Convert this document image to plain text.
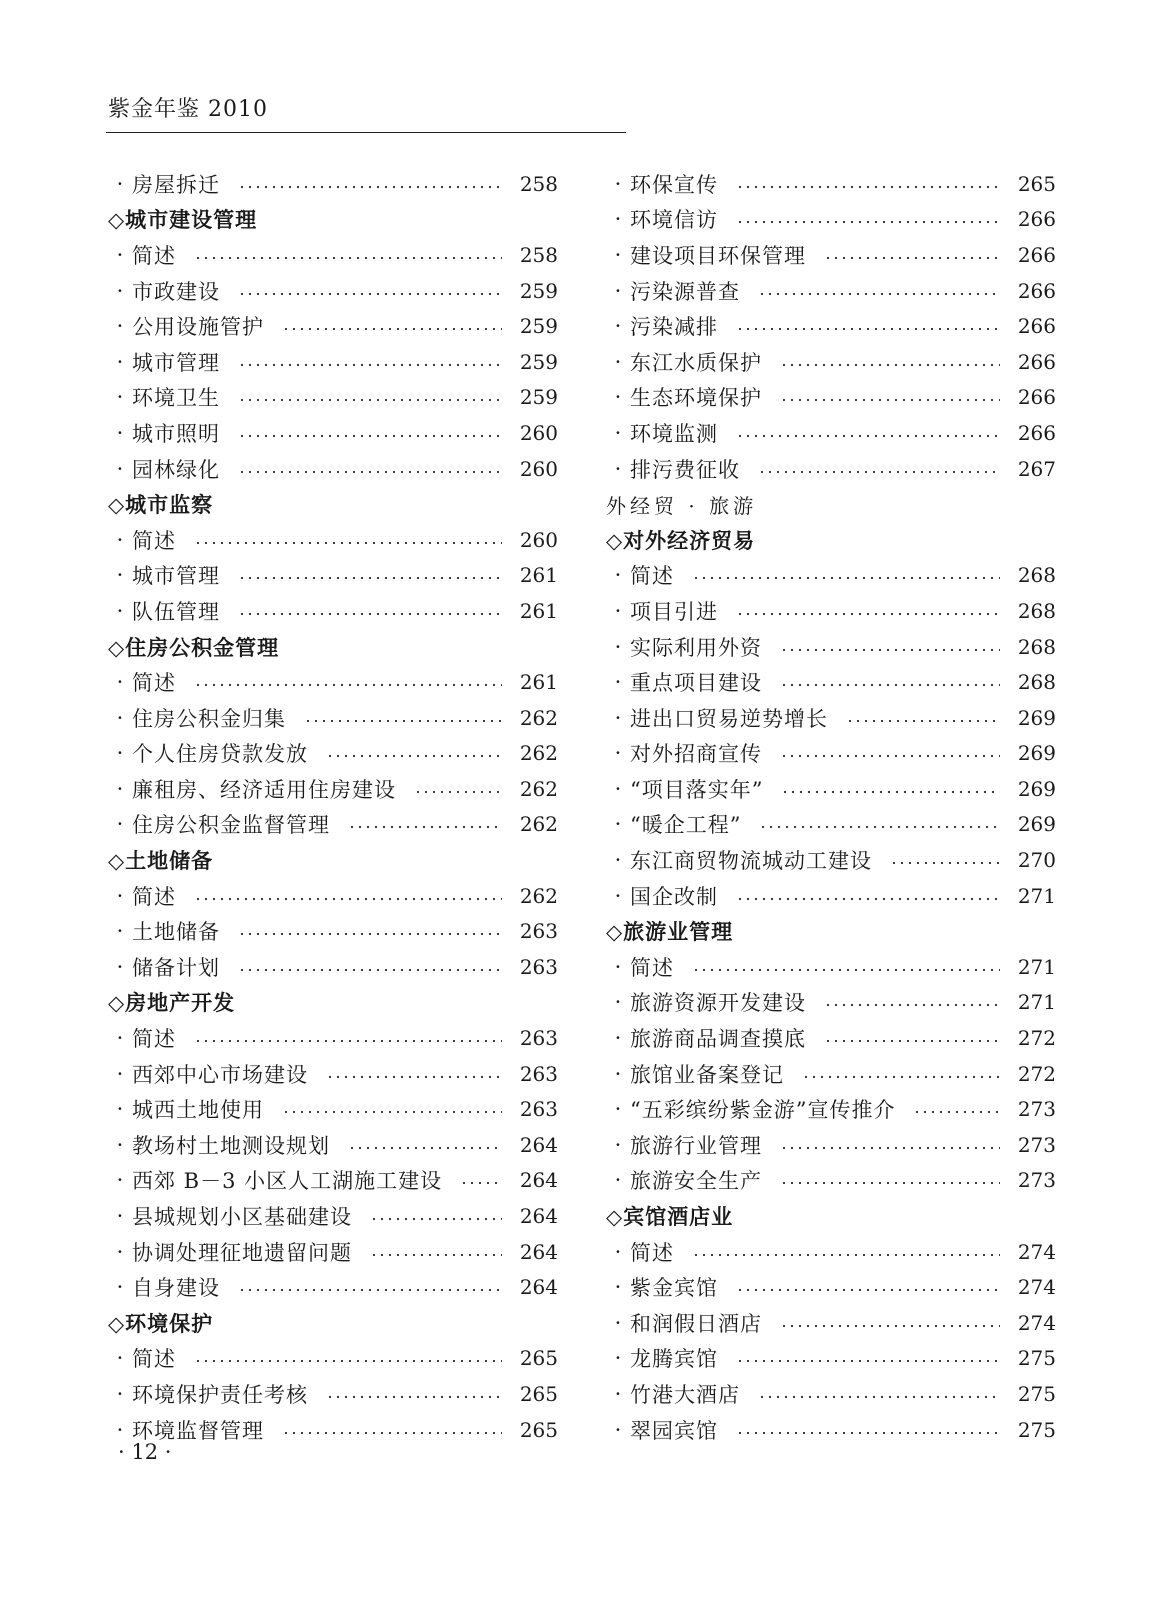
紫金年鉴 2010
· 房屋拆迁	258
◇城市建设管理
· 简述	258
· 市政建设	259
· 公用设施管护	259
· 城市管理	259
· 环境卫生	259
· 城市照明	260
· 园林绿化	260
◇城市监察
· 简述	260
· 城市管理	261
· 队伍管理	261
◇住房公积金管理
· 简述	261
· 住房公积金归集	262
· 个人住房贷款发放	262
· 廉租房、经济适用住房建设	262
· 住房公积金监督管理	262
◇土地储备
· 简述	262
· 土地储备	263
· 储备计划	263
◇房地产开发
· 简述	263
· 西郊中心市场建设	263
· 城西土地使用	263
· 教场村土地测设规划	264
· 西郊 B－3 小区人工湖施工建设	264
· 县城规划小区基础建设	264
· 协调处理征地遗留问题	264
· 自身建设	264
◇环境保护
· 简述	265
· 环境保护责任考核	265
· 环境监督管理	265
· 环保宣传	265
· 环境信访	266
· 建设项目环保管理	266
· 污染源普查	266
· 污染减排	266
· 东江水质保护	266
· 生态环境保护	266
· 环境监测	266
· 排污费征收	267
外经贸 · 旅游
◇对外经济贸易
· 简述	268
· 项目引进	268
· 实际利用外资	268
· 重点项目建设	268
· 进出口贸易逆势增长	269
· 对外招商宣传	269
· “项目落实年”	269
· “暖企工程”	269
· 东江商贸物流城动工建设	270
· 国企改制	271
◇旅游业管理
· 简述	271
· 旅游资源开发建设	271
· 旅游商品调查摸底	272
· 旅馆业备案登记	272
· “五彩缤纷紫金游”宣传推介	273
· 旅游行业管理	273
· 旅游安全生产	273
◇宾馆酒店业
· 简述	274
· 紫金宾馆	274
· 和润假日酒店	274
· 龙腾宾馆	275
· 竹港大酒店	275
· 翠园宾馆	275
· 12 ·
